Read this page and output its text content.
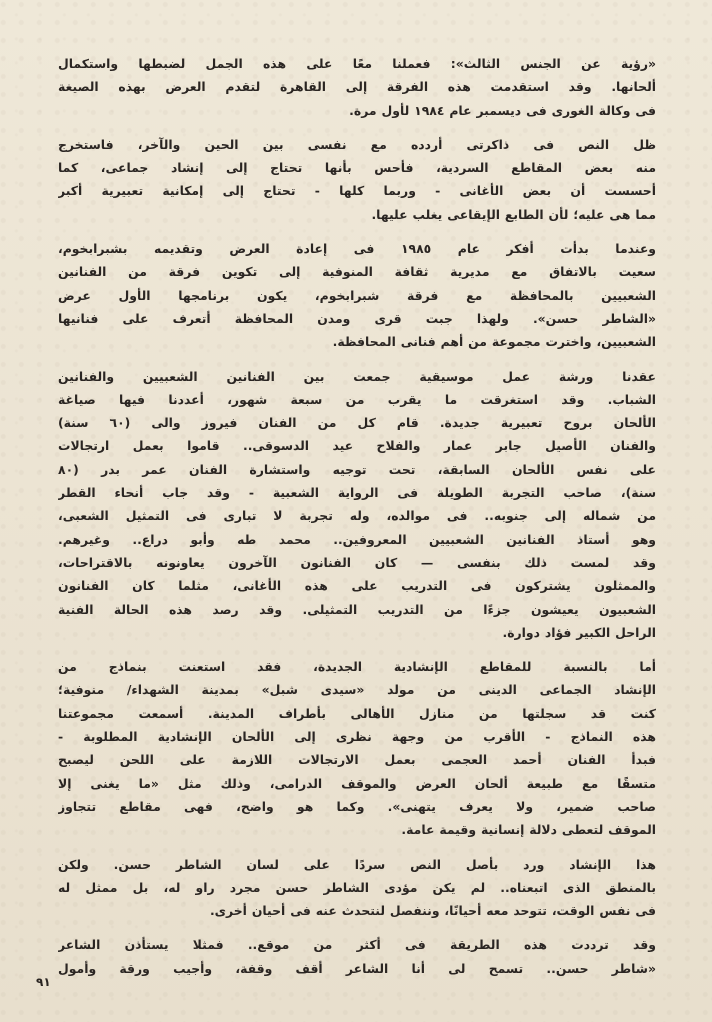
«رؤية عن الجنس الثالث»: فعملنا معًا على هذه الجمل لضبطها واستكمال
ألحانها. وقد استقدمت هذه الفرقة إلى القاهرة لتقدم العرض بهذه الصيغة
فى وكالة الغورى فى ديسمبر عام ١٩٨٤ لأول مرة.
ظل النص فى ذاكرتى أردده مع نفسى بين الحين والآخر، فاستخرج
منه بعض المقاطع السردية، فأحس بأنها تحتاج إلى إنشاد جماعى، كما
أحسست أن بعض الأغانى - وربما كلها - تحتاج إلى إمكانية تعبيرية أكبر
مما هى عليه؛ لأن الطابع الإيقاعى يغلب عليها.
وعندما بدأت أفكر عام ١٩٨٥ فى إعادة العرض وتقديمه بشبرابخوم،
سعيت بالاتفاق مع مديرية ثقافة المنوفية إلى تكوين فرقة من الفنانين
الشعبيين بالمحافظة مع فرقة شبرابخوم، يكون برنامجها الأول عرض
«الشاطر حسن». ولهذا جبت قرى ومدن المحافظة أتعرف على فنانيها
الشعبيين، واخترت مجموعة من أهم فنانى المحافظة.
عقدنا ورشة عمل موسيقية جمعت بين الفنانين الشعبيين والفنانين
الشباب. وقد استغرقت ما يقرب من سبعة شهور، أعددنا فيها صياغة
الألحان بروح تعبيرية جديدة. قام كل من الفنان فيروز والى (٦٠ سنة)
والفنان الأصيل جابر عمار والفلاح عيد الدسوقى.. قاموا بعمل ارتجالات
على نفس الألحان السابقة، تحت توجيه واستشارة الفنان عمر بدر (٨٠
سنة)، صاحب التجربة الطويلة فى الرواية الشعبية - وقد جاب أنحاء القطر
من شماله إلى جنوبه.. فى موالده، وله تجربة لا تبارى فى التمثيل الشعبى،
وهو أستاذ الفنانين الشعبيين المعروفين.. محمد طه وأبو دراع.. وغيرهم.
وقد لمست ذلك بنفسى — كان الفنانون الآخرون يعاونونه بالاقتراحات،
والممثلون يشتركون فى التدريب على هذه الأغانى، مثلما كان الفنانون
الشعبيون يعيشون جزءًا من التدريب التمثيلى. وقد رصد هذه الحالة الفنية
الراحل الكبير فؤاد دوارة.
أما بالنسبة للمقاطع الإنشادية الجديدة، فقد استعنت بنماذج من
الإنشاد الجماعى الدينى من مولد «سيدى شبل» بمدينة الشهداء/ منوفية؛
كنت قد سجلتها من منازل الأهالى بأطراف المدينة. أسمعت مجموعتنا
هذه النماذج - الأقرب من وجهة نظرى إلى الألحان الإنشادية المطلوبة -
فبدأ الفنان أحمد العجمى بعمل الارتجالات اللازمة على اللحن ليصبح
متسقًا مع طبيعة ألحان العرض والموقف الدرامى، وذلك مثل «ما يغنى إلا
صاحب ضمير، ولا يعرف يتهنى». وكما هو واضح، فهى مقاطع تتجاوز
الموقف لتعطى دلالة إنسانية وقيمة عامة.
هذا الإنشاد ورد بأصل النص سردًا على لسان الشاطر حسن. ولكن
بالمنطق الذى اتبعناه.. لم يكن مؤدى الشاطر حسن مجرد راو له، بل ممثل له
فى نفس الوقت، تتوحد معه أحيانًا، وننفصل لنتحدث عنه فى أحيان أخرى.
وقد ترددت هذه الطريقة فى أكثر من موقع.. فمثلا يستأذن الشاعر
«شاطر حسن.. تسمح لى أنا الشاعر أقف وقفة، وأجيب ورقة وأمول
٩١
